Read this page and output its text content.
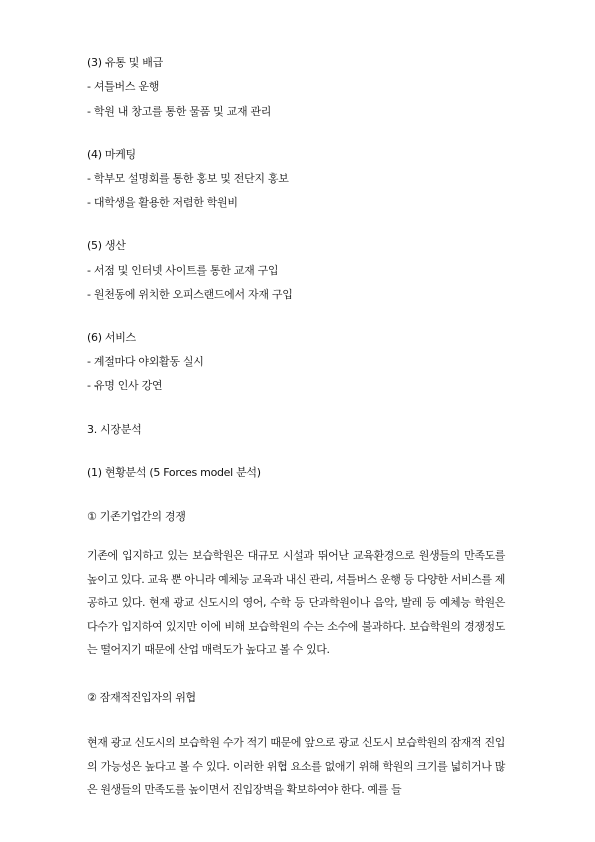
(3) 유통 및 배급
- 셔틀버스 운행
- 학원 내 창고를 통한 물품 및 교재 관리
(4) 마케팅
- 학부모 설명회를 통한 홍보 및 전단지 홍보
- 대학생을 활용한 저렴한 학원비
(5) 생산
- 서점 및 인터넷 사이트를 통한 교재 구입
- 원천동에 위치한 오피스랜드에서 자재 구입
(6) 서비스
- 계절마다 야외활동 실시
- 유명 인사 강연
3. 시장분석
(1) 현황분석 (5 Forces model 분석)
① 기존기업간의 경쟁
기존에 입지하고 있는 보습학원은 대규모 시설과 뛰어난 교육환경으로 원생들의 만족도를 높이고 있다. 교육 뿐 아니라 예체능 교육과 내신 관리, 셔틀버스 운행 등 다양한 서비스를 제공하고 있다. 현재 광교 신도시의 영어, 수학 등 단과학원이나 음악, 발레 등 예체능 학원은 다수가 입지하여 있지만 이에 비해 보습학원의 수는 소수에 불과하다. 보습학원의 경쟁정도는 떨어지기 때문에 산업 매력도가 높다고 볼 수 있다.
② 잠재적진입자의 위협
현재 광교 신도시의 보습학원 수가 적기 때문에 앞으로 광교 신도시 보습학원의 잠재적 진입의 가능성은 높다고 볼 수 있다. 이러한 위협 요소를 없애기 위해 학원의 크기를 넓히거나 많은 원생들의 만족도를 높이면서 진입장벽을 확보하여야 한다. 예를 들
